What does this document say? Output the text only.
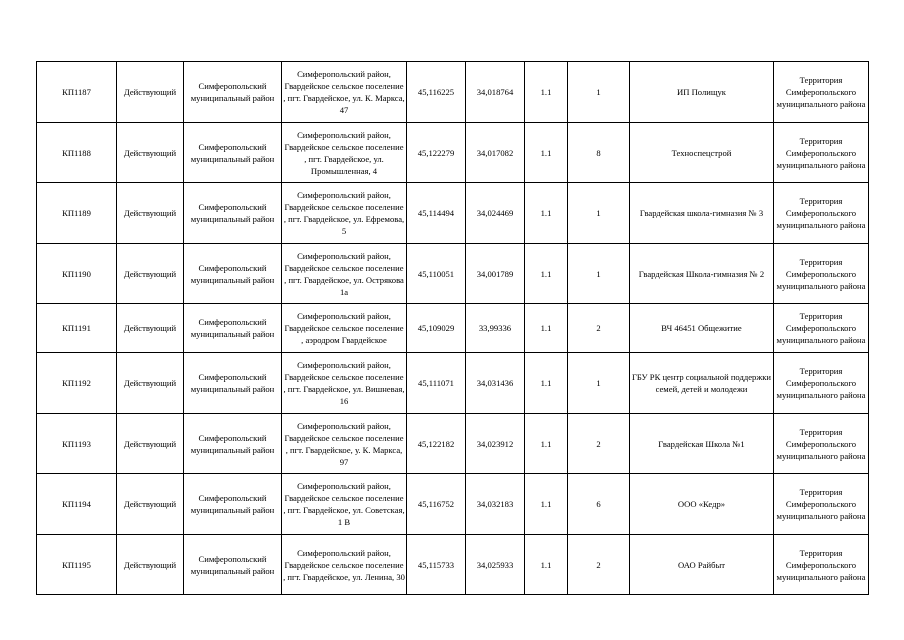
КП1187	Действующий	Симферопольский муниципальный район	Симферопольский район, Гвардейское сельское поселение , пгт. Гвардейское, ул. К. Маркса, 47	45,116225	34,018764	1.1	1	ИП Полищук	Территория Симферопольского муниципального района
КП1188	Действующий	Симферопольский муниципальный район	Симферопольский район, Гвардейское сельское поселение , пгт. Гвардейское, ул. Промышленная, 4	45,122279	34,017082	1.1	8	Техноспецстрой	Территория Симферопольского муниципального района
КП1189	Действующий	Симферопольский муниципальный район	Симферопольский район, Гвардейское сельское поселение , пгт. Гвардейское, ул. Ефремова, 5	45,114494	34,024469	1.1	1	Гвардейская школа-гимназия № 3	Территория Симферопольского муниципального района
КП1190	Действующий	Симферопольский муниципальный район	Симферопольский район, Гвардейское сельское поселение , пгт. Гвардейское, ул. Острякова 1а	45,110051	34,001789	1.1	1	Гвардейская Школа-гимназия № 2	Территория Симферопольского муниципального района
КП1191	Действующий	Симферопольский муниципальный район	Симферопольский район, Гвардейское сельское поселение , аэродром Гвардейское	45,109029	33,99336	1.1	2	ВЧ 46451 Общежитие	Территория Симферопольского муниципального района
КП1192	Действующий	Симферопольский муниципальный район	Симферопольский район, Гвардейское сельское поселение , пгт. Гвардейское, ул. Вишневая, 16	45,111071	34,031436	1.1	1	ГБУ РК центр социальной поддержки семей, детей и молодежи	Территория Симферопольского муниципального района
КП1193	Действующий	Симферопольский муниципальный район	Симферопольский район, Гвардейское сельское поселение , пгт. Гвардейское, у. К. Маркса, 97	45,122182	34,023912	1.1	2	Гвардейская Школа №1	Территория Симферопольского муниципального района
КП1194	Действующий	Симферопольский муниципальный район	Симферопольский район, Гвардейское сельское поселение , пгт. Гвардейское, ул. Советская, 1 В	45,116752	34,032183	1.1	6	ООО «Кедр»	Территория Симферопольского муниципального района
КП1195	Действующий	Симферопольский муниципальный район	Симферопольский район, Гвардейское сельское поселение , пгт. Гвардейское, ул. Ленина, 30	45,115733	34,025933	1.1	2	ОАО Райбыт	Территория Симферопольского муниципального района
